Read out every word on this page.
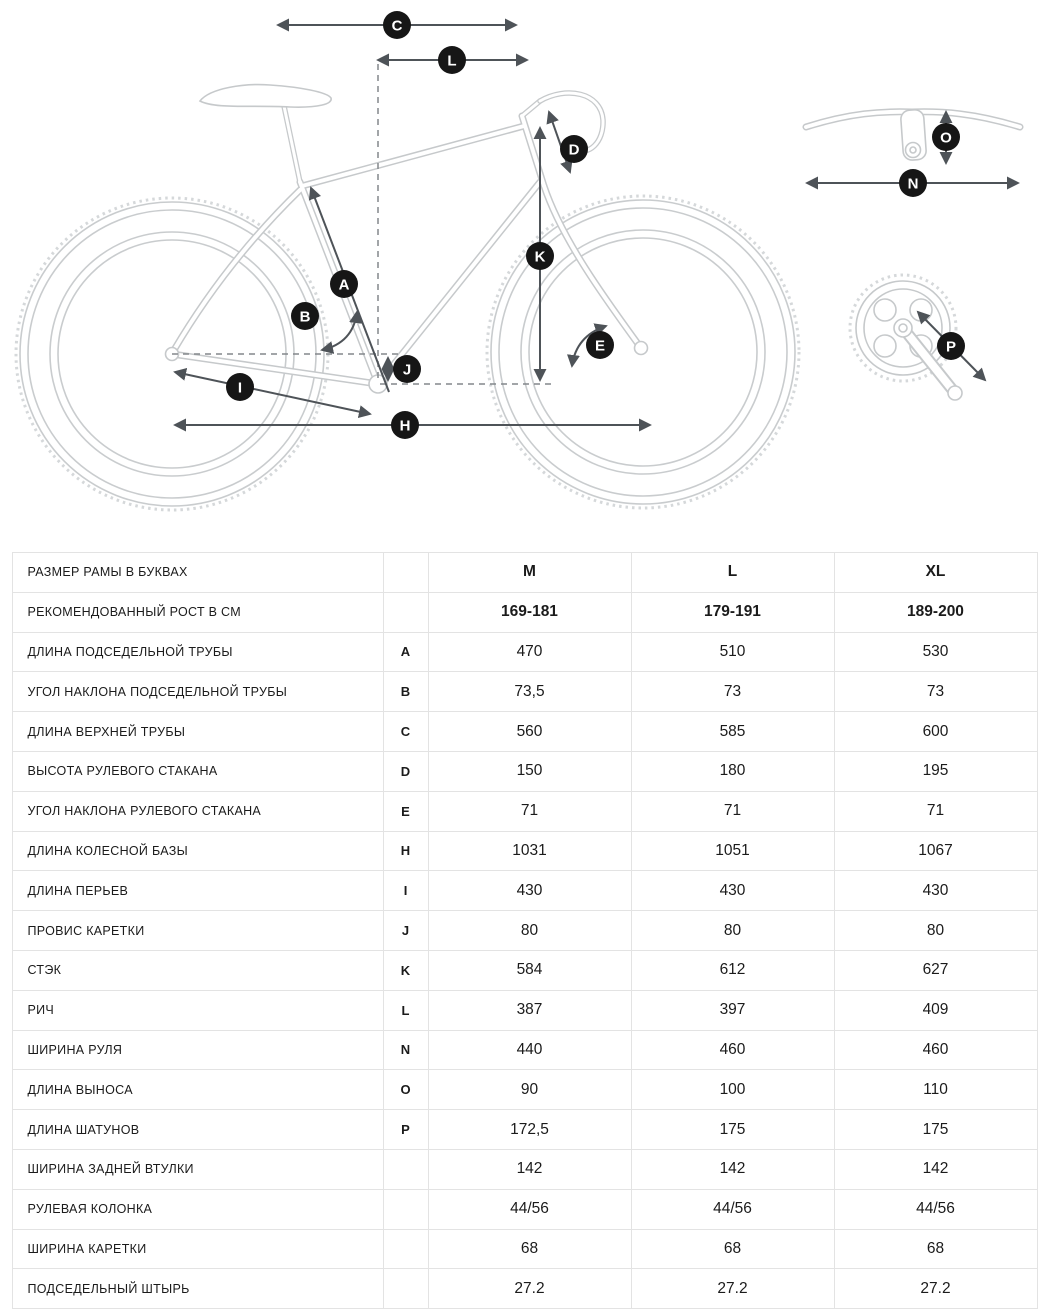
C
L
D
O
N
K
A
B
E	P
J
I
H
РАЗМЕР РАМЫ В БУКВАХ		M	L	XL
РЕКОМЕНДОВАННЫЙ РОСТ В СМ		169-181	179-191	189-200
ДЛИНА ПОДСЕДЕЛЬНОЙ ТРУБЫ	A	470	510	530
УГОЛ НАКЛОНА ПОДСЕДЕЛЬНОЙ ТРУБЫ	B	73,5	73	73
ДЛИНА ВЕРХНЕЙ ТРУБЫ	C	560	585	600
ВЫСОТА РУЛЕВОГО СТАКАНА	D	150	180	195
УГОЛ НАКЛОНА РУЛЕВОГО СТАКАНА	E	71	71	71
ДЛИНА КОЛЕСНОЙ БАЗЫ	H	1031	1051	1067
ДЛИНА ПЕРЬЕВ	I	430	430	430
ПРОВИС КАРЕТКИ	J	80	80	80
СТЭК	K	584	612	627
РИЧ	L	387	397	409
ШИРИНА РУЛЯ	N	440	460	460
ДЛИНА ВЫНОСА	O	90	100	110
ДЛИНА ШАТУНОВ	P	172,5	175	175
ШИРИНА ЗАДНЕЙ ВТУЛКИ		142	142	142
РУЛЕВАЯ КОЛОНКА		44/56	44/56	44/56
ШИРИНА КАРЕТКИ		68	68	68
ПОДСЕДЕЛЬНЫЙ ШТЫРЬ		27.2	27.2	27.2
